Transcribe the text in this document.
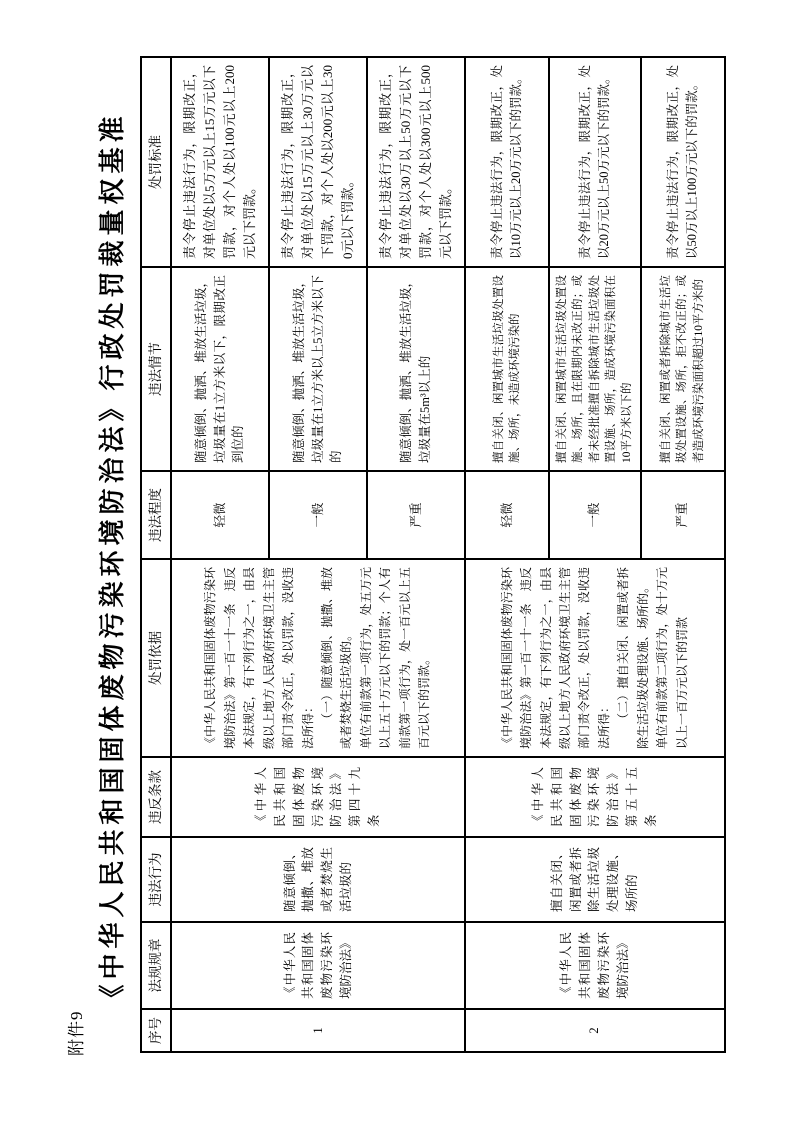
附件9
《中华人民共和国固体废物污染环境防治法》行政处罚裁量权基准
序号	法规规章	违法行为	违反条款	处罚依据	违法程度	违法情节	处罚标准
1	《中华人民共和国固体废物污染环境防治法》	随意倾倒、抛撒、堆放或者焚烧生活垃圾的	《中华人民共和国固体废物污染环境防治法》第四十九条	《中华人民共和国固体废物污染环境防治法》第一百一十一条　违反本法规定，有下列行为之一，由县级以上地方人民政府环境卫生主管部门责令改正，处以罚款，没收违法所得： （一）随意倾倒、抛撒、堆放或者焚烧生活垃圾的。 单位有前款第一项行为，处五万元以上五十万元以下的罚款；个人有前款第一项行为，处一百元以上五百元以下的罚款。	轻微	随意倾倒、抛洒、堆放生活垃圾，垃圾量在1立方米以下，限期改正到位的	责令停止违法行为，限期改正，对单位处以5万元以上15万元以下罚款，对个人处以100元以上200元以下罚款。
					一般	随意倾倒、抛洒、堆放生活垃圾，垃圾量在1立方米以上5立方米以下的	责令停止违法行为，限期改正，对单位处以15万元以上30万元以下罚款，对个人处以200元以上300元以下罚款。
					严重	随意倾倒、抛洒、堆放生活垃圾，垃圾量在5m³以上的	责令停止违法行为，限期改正，对单位处以30万以上50万元以下罚款，对个人处以300元以上500元以下罚款。
2	《中华人民共和国固体废物污染环境防治法》	擅自关闭、闲置或者拆除生活垃圾处理设施、场所的	《中华人民共和国固体废物污染环境防治法》第五十五条	《中华人民共和国固体废物污染环境防治法》第一百一十一条　违反本法规定，有下列行为之一，由县级以上地方人民政府环境卫生主管部门责令改正，处以罚款，没收违法所得： （二）擅自关闭、闲置或者拆除生活垃圾处理设施、场所的。 单位有前款第二项行为，处十万元以上一百万元以下的罚款	轻微	擅自关闭、闲置城市生活垃圾处置设施、场所，未造成环境污染的	责令停止违法行为，限期改正，处以10万元以上20万元以下的罚款。
					一般	擅自关闭、闲置城市生活垃圾处置设施、场所，且在限期内未改正的；或者未经批准擅自拆除城市生活垃圾处置设施、场所，造成环境污染面积在10平方米以下的	责令停止违法行为，限期改正，处以20万元以上50万元以下的罚款。
					严重	擅自关闭、闲置或者拆除城市生活垃圾处置设施、场所，拒不改正的；或者造成环境污染面积超过10平方米的	责令停止违法行为，限期改正，处以50万以上100万元以下的罚款。
